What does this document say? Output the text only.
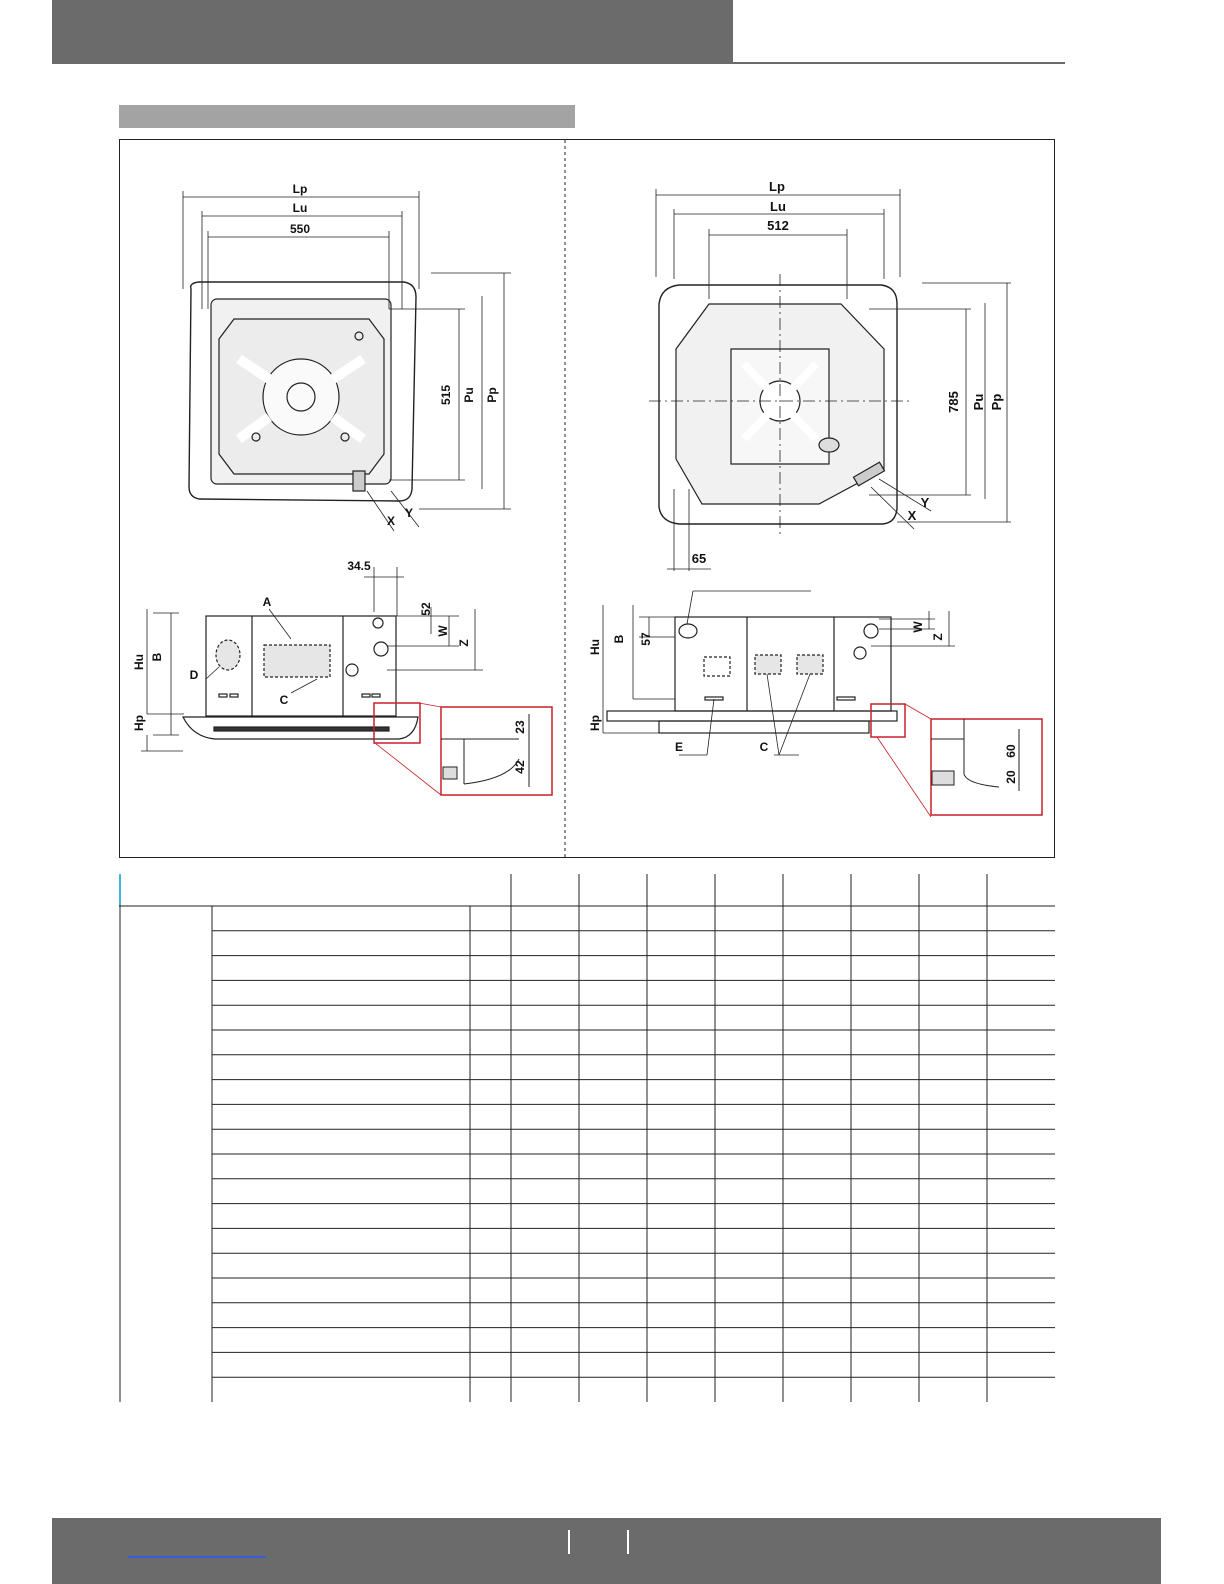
Lp
Lu
550
515 Pu Pp
X
Y
34.5
52
W
Z
Hu B
Hp
A
C
D
23
42
Lp
Lu
512
785 Pu Pp
X
Y
65
57
W
Z
Hu B
Hp
E	C	60
20
